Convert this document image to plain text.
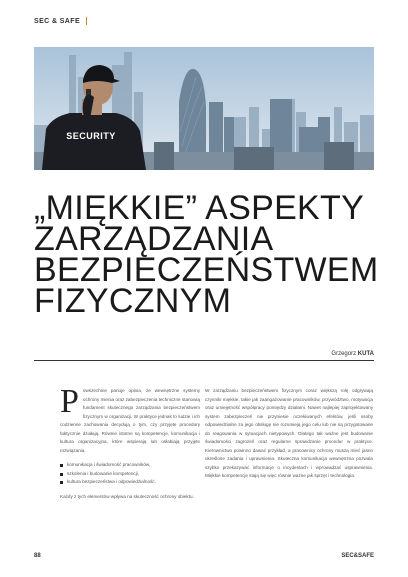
SEC & SAFE
SECURITY
„MIĘKKIE” ASPEKTY
ZARZĄDZANIA
BEZPIECZEŃSTWEM
FIZYCZNYM
Grzegorz KUTA

Powszechnie panuje opinia, że wewnętrzne systemy ochrony mienia oraz zabezpieczenia techniczne stanowią fundament skutecznego zarządzania bezpieczeństwem fizycznym w organizacji. W praktyce jednak to ludzie i ich codzienne zachowania decydują o tym, czy przyjęte procedury faktycznie działają. Równie istotne są kompetencje, komunikacja i kultura organizacyjna, które wspierają lub osłabiają przyjęte rozwiązania.

komunikacja i świadomość pracowników,
szkolenia i budowanie kompetencji,
kultura bezpieczeństwa i odpowiedzialność.

Każdy z tych elementów wpływa na skuteczność ochrony obiektu.

W zarządzaniu bezpieczeństwem fizycznym coraz większą rolę odgrywają czynniki miękkie, takie jak zaangażowanie pracowników, przywództwo, motywacja oraz umiejętność współpracy pomiędzy działami. Nawet najlepiej zaprojektowany system zabezpieczeń nie przyniesie oczekiwanych efektów, jeśli osoby odpowiedzialne za jego obsługę nie rozumieją jego celu lub nie są przygotowane do reagowania w sytuacjach nietypowych. Dlatego tak ważne jest budowanie świadomości zagrożeń oraz regularne sprawdzanie procedur w praktyce. Kierownictwo powinno dawać przykład, a pracownicy ochrony muszą mieć jasno określone zadania i uprawnienia. Skuteczna komunikacja wewnętrzna pozwala szybko przekazywać informacje o incydentach i wprowadzać usprawnienia. Miękkie kompetencje stają się więc równie ważne jak sprzęt i technologia.

88	SEC&SAFE
